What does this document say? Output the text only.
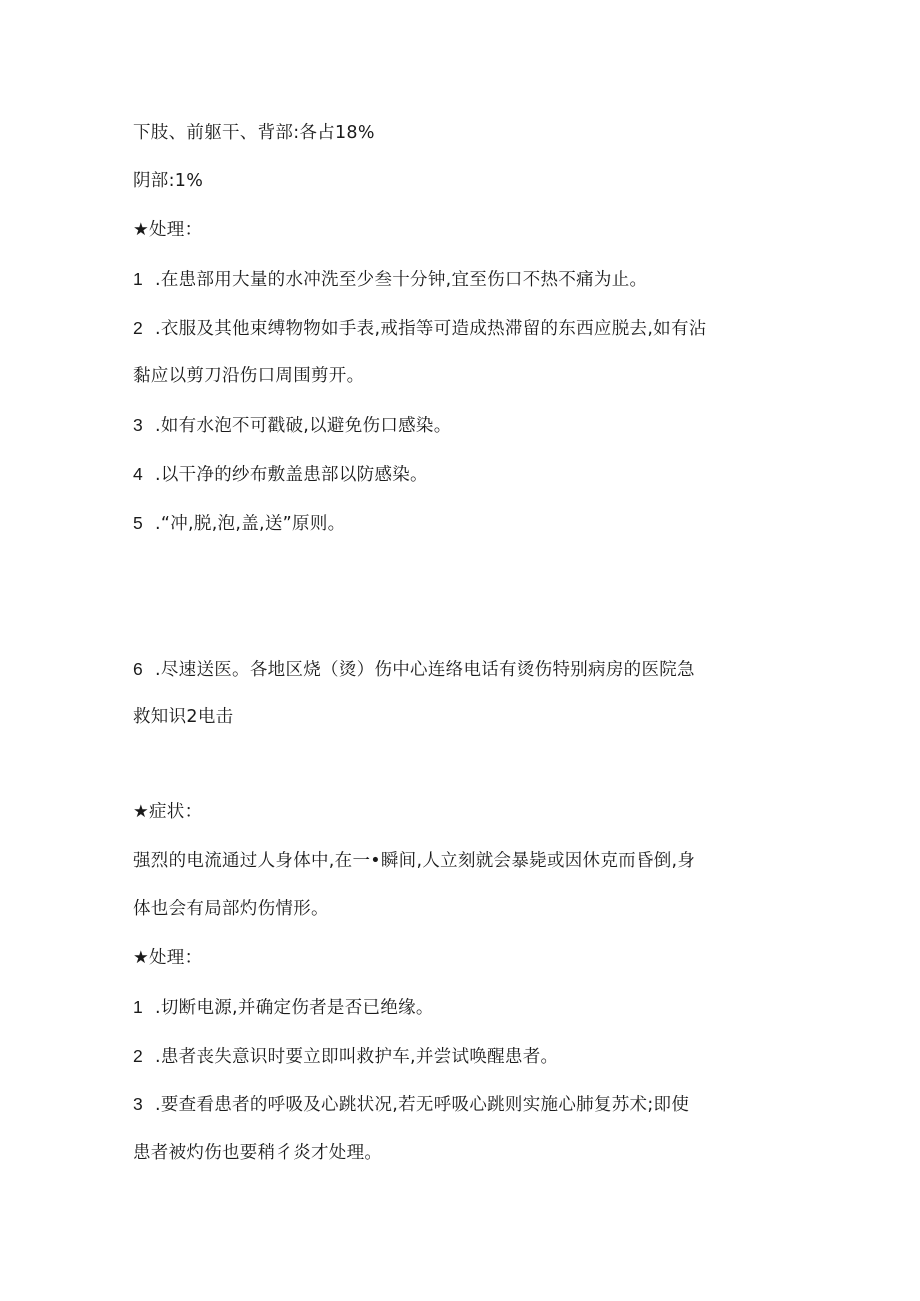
下肢、前躯干、背部:各占18%
阴部:1%
★处理：
1 .在患部用大量的水冲洗至少叁十分钟,宜至伤口不热不痛为止。
2 .衣服及其他束缚物物如手表,戒指等可造成热滞留的东西应脱去,如有沾
黏应以剪刀沿伤口周围剪开。
3 .如有水泡不可戳破,以避免伤口感染。
4 .以干净的纱布敷盖患部以防感染。
5 .“冲,脱,泡,盖,送”原则。
6 .尽速送医。各地区烧（烫）伤中心连络电话有烫伤特别病房的医院急
救知识2电击
★症状：
强烈的电流通过人身体中,在一•瞬间,人立刻就会暴毙或因休克而昏倒,身
体也会有局部灼伤情形。
★处理：
1 .切断电源,并确定伤者是否已绝缘。
2 .患者丧失意识时要立即叫救护车,并尝试唤醒患者。
3 .要查看患者的呼吸及心跳状况,若无呼吸心跳则实施心肺复苏术;即使
患者被灼伤也要稍彳炎才处理。
